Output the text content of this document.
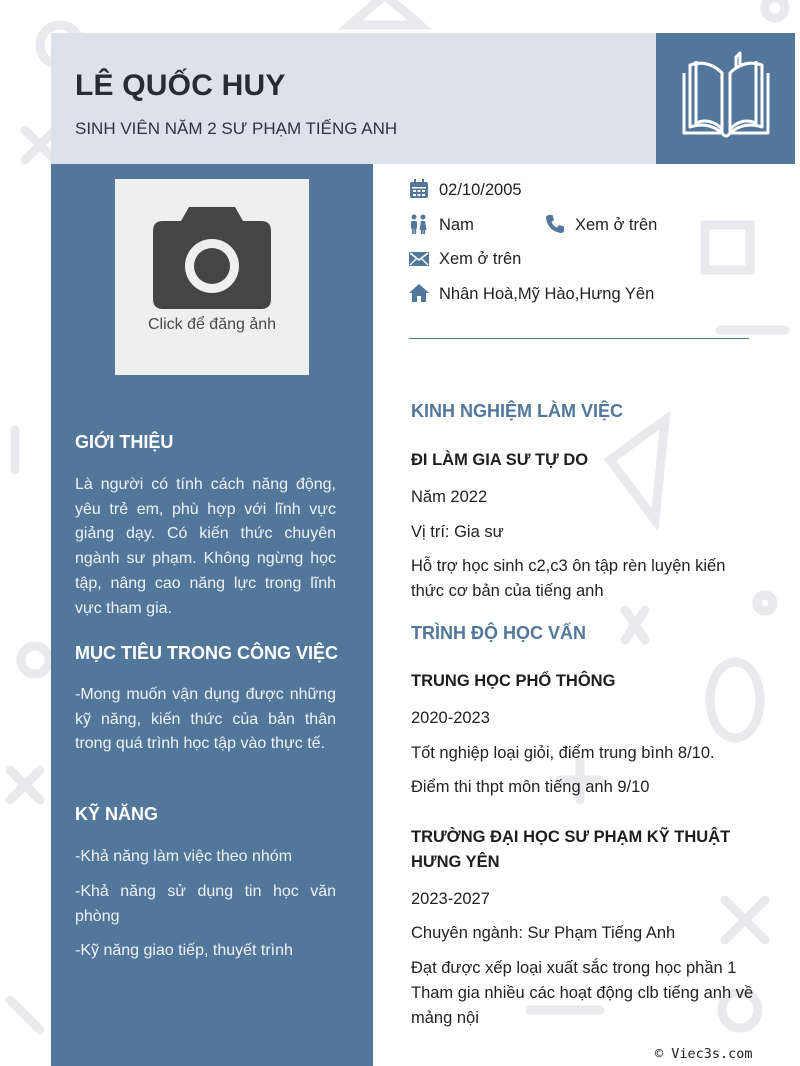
LÊ QUỐC HUY
SINH VIÊN NĂM 2 SƯ PHẠM TIẾNG ANH
Click để đăng ảnh
GIỚI THIỆU
Là người có tính cách năng động, yêu trẻ em, phù hợp với lĩnh vực giảng dạy. Có kiến thức chuyên ngành sư phạm. Không ngừng học tập, nâng cao năng lực trong lĩnh vực tham gia.
MỤC TIÊU TRONG CÔNG VIỆC
-Mong muốn vận dụng được những kỹ năng, kiến thức của bản thân trong quá trình học tập vào thực tế.
KỸ NĂNG
-Khả năng làm việc theo nhóm
-Khả năng sử dụng tin học văn phòng
-Kỹ năng giao tiếp, thuyết trình
02/10/2005
Nam	Xem ở trên
Xem ở trên
Nhân Hoà,Mỹ Hào,Hưng Yên
KINH NGHIỆM LÀM VIỆC
ĐI LÀM GIA SƯ TỰ DO
Năm 2022
Vị trí: Gia sư
Hỗ trợ học sinh c2,c3 ôn tập rèn luyện kiến thức cơ bản của tiếng anh
TRÌNH ĐỘ HỌC VẤN
TRUNG HỌC PHỔ THÔNG
2020-2023
Tốt nghiệp loại giỏi, điểm trung bình 8/10.
Điểm thi thpt môn tiếng anh 9/10
TRƯỜNG ĐẠI HỌC SƯ PHẠM KỸ THUẬT HƯNG YÊN
2023-2027
Chuyên ngành: Sư Phạm Tiếng Anh
Đạt được xếp loại xuất sắc trong học phần 1
Tham gia nhiều các hoạt động clb tiếng anh về mảng nội
© Viec3s.com
